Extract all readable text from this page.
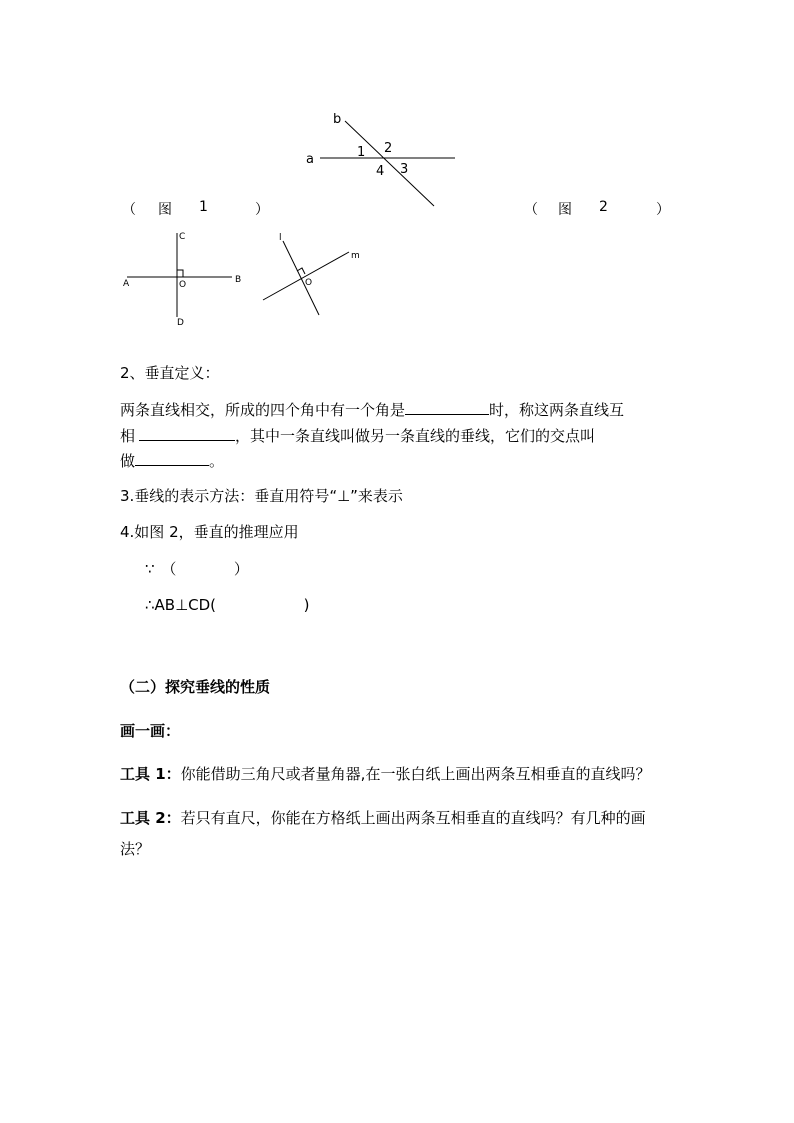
b
a	1 2
4 3
（ 图 1	）	（ 图 2	）
C
A	O	B
D
l
m
O
2、垂直定义：
两条直线相交，所成的四个角中有一个角是	时，称这两条直线互
相	，其中一条直线叫做另一条直线的垂线，它们的交点叫
做	。
3.垂线的表示方法：垂直用符号“⊥”来表示
4.如图 2，垂直的推理应用
∵ （	）
∴AB⊥CD(	)
（二）探究垂线的性质
画一画：
工具 1：你能借助三角尺或者量角器,在一张白纸上画出两条互相垂直的直线吗？
工具 2：若只有直尺，你能在方格纸上画出两条互相垂直的直线吗？有几种的画
法？
